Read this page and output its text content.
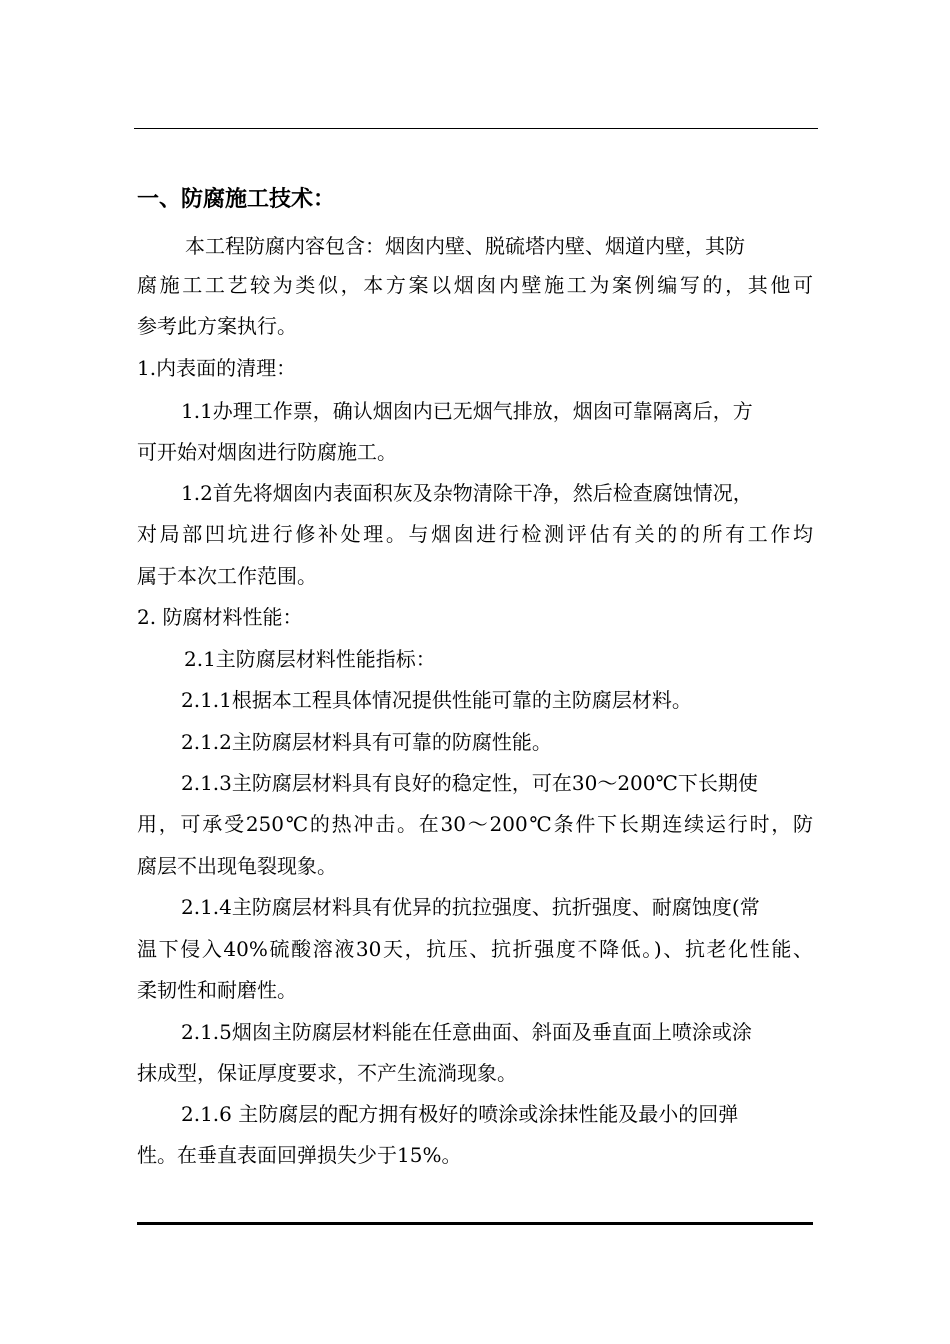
一、防腐施工技术：
本工程防腐内容包含：烟囱内壁、脱硫塔内壁、烟道内壁，其防
腐施工工艺较为类似，本方案以烟囱内壁施工为案例编写的，其他可
参考此方案执行。
1.内表面的清理：
1.1办理工作票，确认烟囱内已无烟气排放，烟囱可靠隔离后，方
可开始对烟囱进行防腐施工。
1.2首先将烟囱内表面积灰及杂物清除干净，然后检查腐蚀情况，
对局部凹坑进行修补处理。与烟囱进行检测评估有关的的所有工作均
属于本次工作范围。
2. 防腐材料性能：
2.1主防腐层材料性能指标：
2.1.1根据本工程具体情况提供性能可靠的主防腐层材料。
2.1.2主防腐层材料具有可靠的防腐性能。
2.1.3主防腐层材料具有良好的稳定性，可在30～200℃下长期使
用，可承受250℃的热冲击。在30～200℃条件下长期连续运行时，防
腐层不出现龟裂现象。
2.1.4主防腐层材料具有优异的抗拉强度、抗折强度、耐腐蚀度(常
温下侵入40%硫酸溶液30天，抗压、抗折强度不降低。)、抗老化性能、
柔韧性和耐磨性。
2.1.5烟囱主防腐层材料能在任意曲面、斜面及垂直面上喷涂或涂
抹成型，保证厚度要求，不产生流淌现象。
2.1.6 主防腐层的配方拥有极好的喷涂或涂抹性能及最小的回弹
性。在垂直表面回弹损失少于15%。
